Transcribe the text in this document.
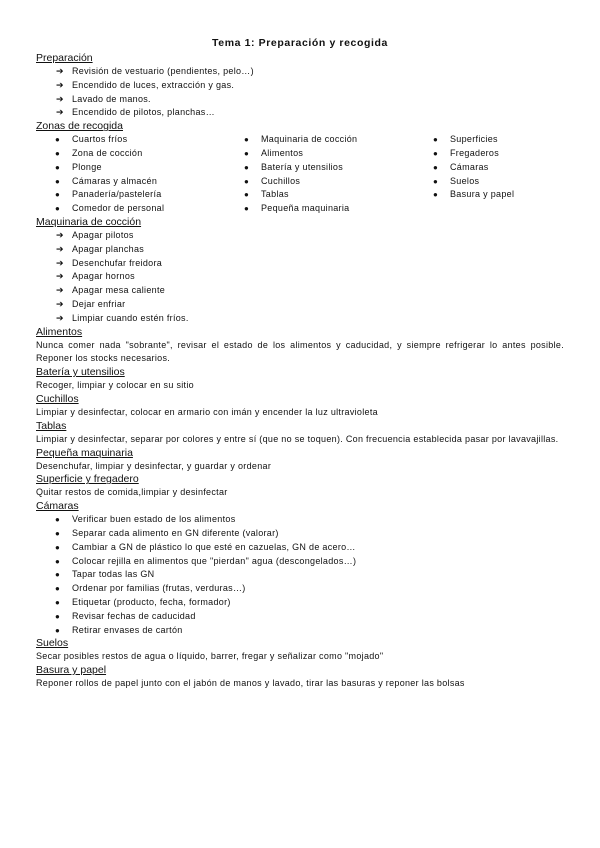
Tema 1: Preparación y recogida
Preparación
➔ Revisión de vestuario (pendientes, pelo…)
➔ Encendido de luces, extracción y gas.
➔ Lavado de manos.
➔ Encendido de pilotos, planchas…
Zonas de recogida
● Cuartos fríos
● Zona de cocción
● Plonge
● Cámaras y almacén
● Panadería/pastelería
● Comedor de personal
● Maquinaria de cocción
● Alimentos
● Batería y utensilios
● Cuchillos
● Tablas
● Pequeña maquinaria
● Superficies
● Fregaderos
● Cámaras
● Suelos
● Basura y papel
Maquinaria de cocción
➔ Apagar pilotos
➔ Apagar planchas
➔ Desenchufar freidora
➔ Apagar hornos
➔ Apagar mesa caliente
➔ Dejar enfriar
➔ Limpiar cuando estén fríos.
Alimentos
Nunca comer nada "sobrante", revisar el estado de los alimentos y caducidad, y siempre refrigerar lo antes posible. Reponer los stocks necesarios.
Batería y utensilios
Recoger, limpiar y colocar en su sitio
Cuchillos
Limpiar y desinfectar, colocar en armario con imán y encender la luz ultravioleta
Tablas
Limpiar y desinfectar, separar por colores y entre sí (que no se toquen). Con frecuencia establecida pasar por lavavajillas.
Pequeña maquinaria
Desenchufar, limpiar y desinfectar, y guardar y ordenar
Superficie y fregadero
Quitar restos de comida,limpiar y desinfectar
Cámaras
● Verificar buen estado de los alimentos
● Separar cada alimento en GN diferente (valorar)
● Cambiar a GN de plástico lo que esté en cazuelas, GN de acero…
● Colocar rejilla en alimentos que "pierdan" agua (descongelados…)
● Tapar todas las GN
● Ordenar por familias (frutas, verduras…)
● Etiquetar (producto, fecha, formador)
● Revisar fechas de caducidad
● Retirar envases de cartón
Suelos
Secar posibles restos de agua o líquido, barrer, fregar y señalizar como "mojado"
Basura y papel
Reponer rollos de papel junto con el jabón de manos y lavado, tirar las basuras y reponer las bolsas
